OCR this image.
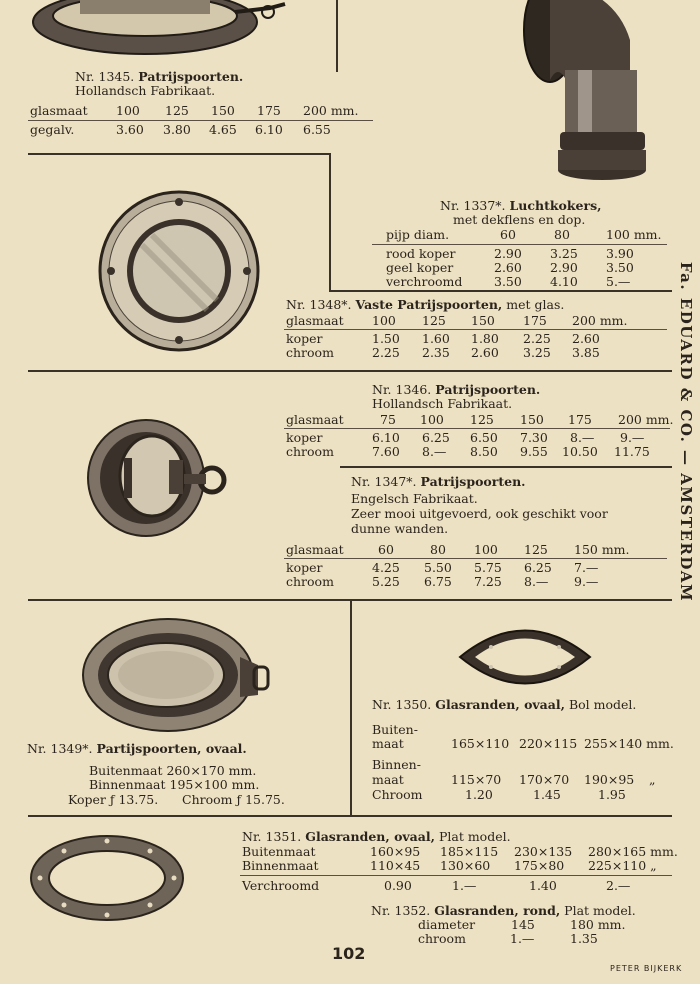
Nr. 1345. Patrijspoorten.
Hollandsch Fabrikaat.
glasmaat 100 125 150 175 200 mm.
gegalv.	3.60 3.80 4.65 6.10 6.55
Nr. 1337*. Luchtkokers,
met dekflens en dop.
pijp diam.	60	80	100 mm.
rood koper	2.90 3.25 3.90
geel koper	2.60 2.90 3.50
verchroomd	3.50 4.10 5.—
Nr. 1348*. Vaste Patrijspoorten, met glas.
glasmaat 100 125 150 175 200 mm.
koper	1.50 1.60 1.80 2.25 2.60
chroom	2.25 2.35 2.60 3.25 3.85
Nr. 1346. Patrijspoorten.
Hollandsch Fabrikaat.
glasmaat	75 100 125 150 175 200 mm.
koper	6.10 6.25 6.50 7.30 8.— 9.—
chroom	7.60 8.— 8.50 9.55 10.50 11.75
Nr. 1347*. Patrijspoorten.
Engelsch Fabrikaat.
Zeer mooi uitgevoerd, ook geschikt voor
dunne wanden.
glasmaat	60	80 100 125 150 mm.
koper	4.25 5.50 5.75 6.25 7.—
chroom	5.25 6.75 7.25 8.— 9.—
Nr. 1349*. Partijspoorten, ovaal.
Buitenmaat 260×170 mm.
Binnenmaat 195×100 mm.
Koper ƒ 13.75. Chroom ƒ 15.75.
Nr. 1350. Glasranden, ovaal, Bol model.
Buiten-
maat	165×110 220×115 255×140 mm.
Binnen-
maat	115×70 170×70 190×95 „
Chroom	1.20	1.45	1.95
Nr. 1351. Glasranden, ovaal, Plat model.
Buitenmaat	160×95 185×115 230×135 280×165 mm.
Binnenmaat	110×45 130×60 175×80 225×110 „
Verchroomd	0.90	1.—	1.40	2.—
Nr. 1352. Glasranden, rond, Plat model.
diameter	145	180 mm.
chroom	1.—	1.35
102
PETER BIJKERK
Fa. EDUARD & CO. — AMSTERDAM
